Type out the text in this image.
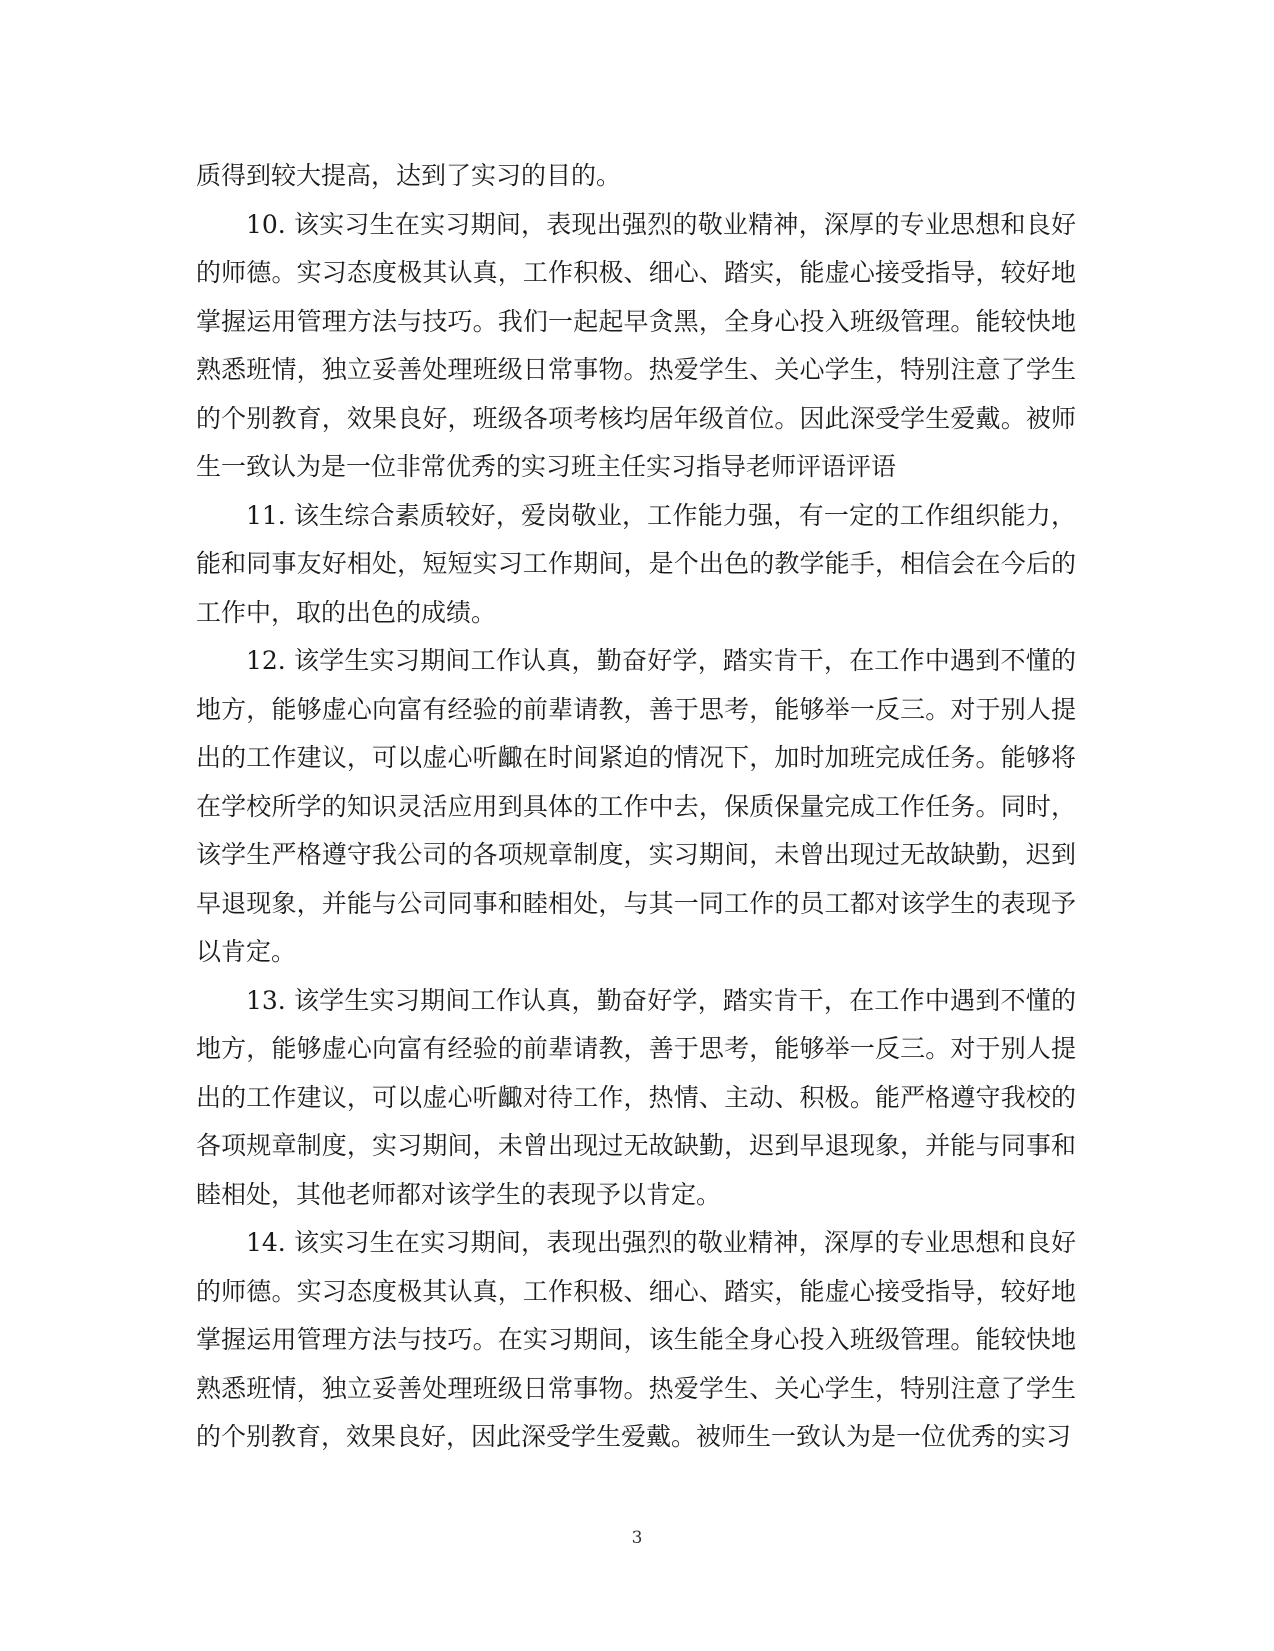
质得到较大提高，达到了实习的目的。

10. 该实习生在实习期间，表现出强烈的敬业精神，深厚的专业思想和良好的师德。实习态度极其认真，工作积极、细心、踏实，能虚心接受指导，较好地掌握运用管理方法与技巧。我们一起起早贪黑，全身心投入班级管理。能较快地熟悉班情，独立妥善处理班级日常事物。热爱学生、关心学生，特别注意了学生的个别教育，效果良好，班级各项考核均居年级首位。因此深受学生爱戴。被师生一致认为是一位非常优秀的实习班主任实习指导老师评语评语

11. 该生综合素质较好，爱岗敬业，工作能力强，有一定的工作组织能力，能和同事友好相处，短短实习工作期间，是个出色的教学能手，相信会在今后的工作中，取的出色的成绩。

12. 该学生实习期间工作认真，勤奋好学，踏实肯干，在工作中遇到不懂的地方，能够虚心向富有经验的前辈请教，善于思考，能够举一反三。对于别人提出的工作建议，可以虚心听齱在时间紧迫的情况下，加时加班完成任务。能够将在学校所学的知识灵活应用到具体的工作中去，保质保量完成工作任务。同时，该学生严格遵守我公司的各项规章制度，实习期间，未曾出现过无故缺勤，迟到早退现象，并能与公司同事和睦相处，与其一同工作的员工都对该学生的表现予以肯定。

13. 该学生实习期间工作认真，勤奋好学，踏实肯干，在工作中遇到不懂的地方，能够虚心向富有经验的前辈请教，善于思考，能够举一反三。对于别人提出的工作建议，可以虚心听齱对待工作，热情、主动、积极。能严格遵守我校的各项规章制度，实习期间，未曾出现过无故缺勤，迟到早退现象，并能与同事和睦相处，其他老师都对该学生的表现予以肯定。

14. 该实习生在实习期间，表现出强烈的敬业精神，深厚的专业思想和良好的师德。实习态度极其认真，工作积极、细心、踏实，能虚心接受指导，较好地掌握运用管理方法与技巧。在实习期间，该生能全身心投入班级管理。能较快地熟悉班情，独立妥善处理班级日常事物。热爱学生、关心学生，特别注意了学生的个别教育，效果良好，因此深受学生爱戴。被师生一致认为是一位优秀的实习

3
